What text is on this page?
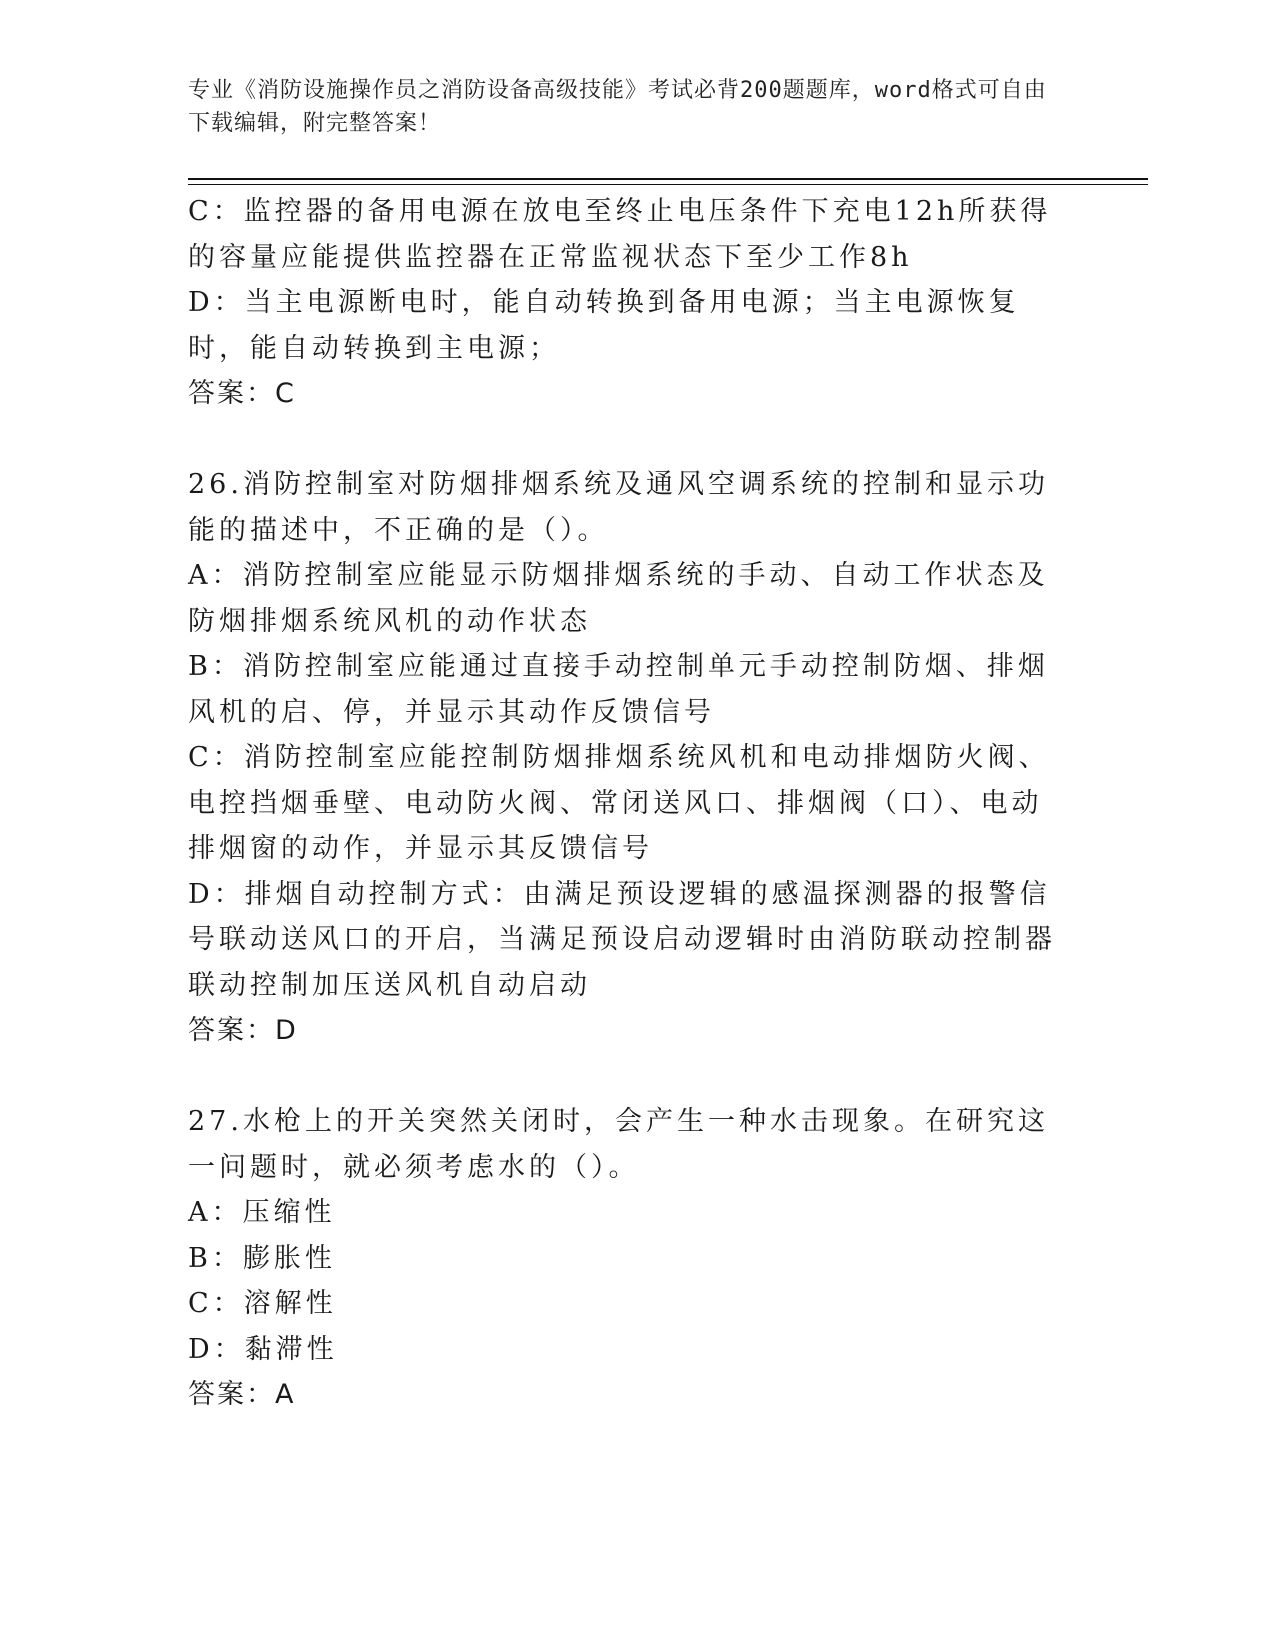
专业《消防设施操作员之消防设备高级技能》考试必背200题题库，word格式可自由下载编辑，附完整答案！

C：监控器的备用电源在放电至终止电压条件下充电12h所获得的容量应能提供监控器在正常监视状态下至少工作8h

D：当主电源断电时，能自动转换到备用电源；当主电源恢复时，能自动转换到主电源；

答案：C

26.消防控制室对防烟排烟系统及通风空调系统的控制和显示功能的描述中，不正确的是（）。

A：消防控制室应能显示防烟排烟系统的手动、自动工作状态及防烟排烟系统风机的动作状态

B：消防控制室应能通过直接手动控制单元手动控制防烟、排烟风机的启、停，并显示其动作反馈信号

C：消防控制室应能控制防烟排烟系统风机和电动排烟防火阀、电控挡烟垂壁、电动防火阀、常闭送风口、排烟阀（口）、电动排烟窗的动作，并显示其反馈信号

D：排烟自动控制方式：由满足预设逻辑的感温探测器的报警信号联动送风口的开启，当满足预设启动逻辑时由消防联动控制器联动控制加压送风机自动启动

答案：D

27.水枪上的开关突然关闭时，会产生一种水击现象。在研究这一问题时，就必须考虑水的（）。

A：压缩性

B：膨胀性

C：溶解性

D：黏滞性

答案：A
